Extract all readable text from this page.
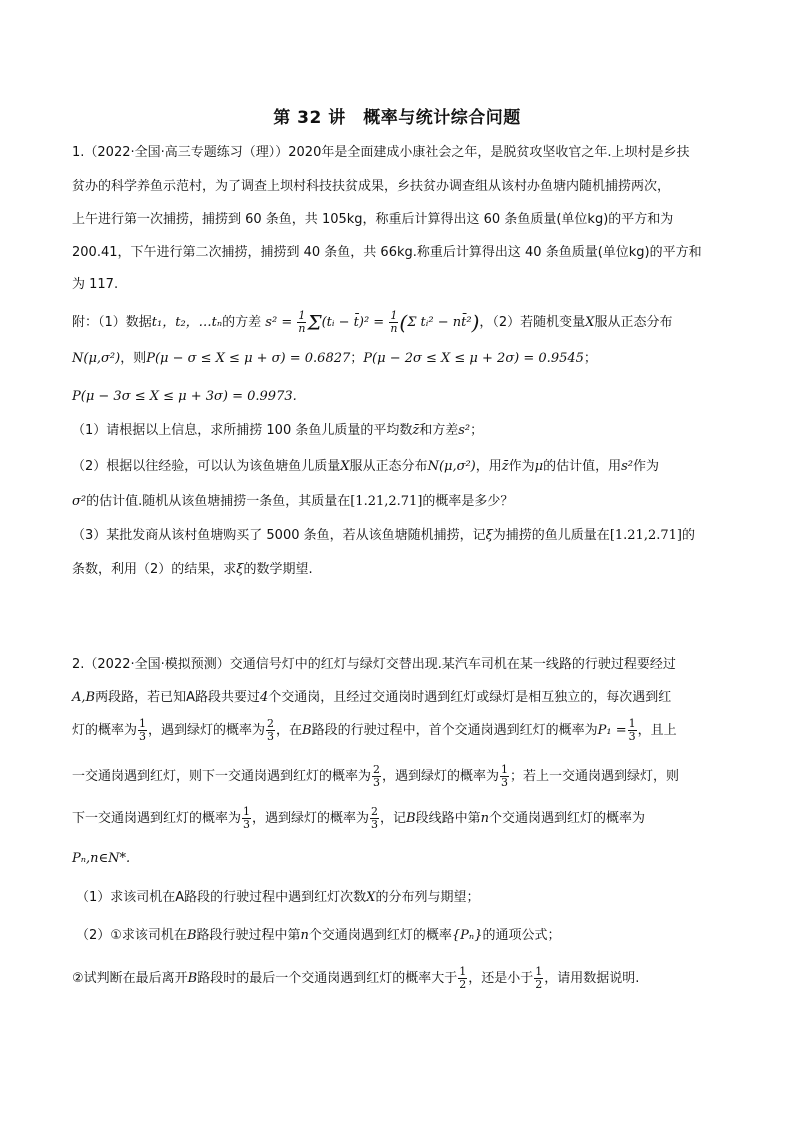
第 32 讲　概率与统计综合问题
1.（2022·全国·高三专题练习（理））2020年是全面建成小康社会之年，是脱贫攻坚收官之年.上坝村是乡扶
贫办的科学养鱼示范村，为了调查上坝村科技扶贫成果，乡扶贫办调查组从该村办鱼塘内随机捕捞两次，
上午进行第一次捕捞，捕捞到 60 条鱼，共 105kg，称重后计算得出这 60 条鱼质量(单位kg)的平方和为
200.41，下午进行第二次捕捞，捕捞到 40 条鱼，共 66kg.称重后计算得出这 40 条鱼质量(单位kg)的平方和
为 117.
附：（1）数据t₁，t₂，…tₙ的方差 $s^2 = \frac{1}{n}$ Σ(tᵢ − t̄)² = $\frac{1}{n} (\Sigma$ tᵢ² − nt̄²)，（2）若随机变量X服从正态分布
N(μ,σ²)，则P(μ − σ ≤ X ≤ μ + σ) = 0.6827；P(μ − 2σ ≤ X ≤ μ + 2σ) = 0.9545；
P(μ − 3σ ≤ X ≤ μ + 3σ) = 0.9973.
（1）请根据以上信息，求所捕捞 100 条鱼儿质量的平均数z̄和方差s²；
（2）根据以往经验，可以认为该鱼塘鱼儿质量X服从正态分布N(μ,σ²)，用z̄作为μ的估计值，用s²作为
σ²的估计值.随机从该鱼塘捕捞一条鱼，其质量在[1.21,2.71]的概率是多少？
（3）某批发商从该村鱼塘购买了 5000 条鱼，若从该鱼塘随机捕捞，记ξ为捕捞的鱼儿质量在[1.21,2.71]的
条数，利用（2）的结果，求ξ的数学期望.
2.（2022·全国·模拟预测）交通信号灯中的红灯与绿灯交替出现.某汽车司机在某一线路的行驶过程要经过
A,B两段路，若已知A路段共要过4个交通岗，且经过交通岗时遇到红灯或绿灯是相互独立的，每次遇到红
灯的概率为 $\frac{1}{3}$ ，遇到绿灯的概率为 $\frac{2}{3}$ ，在B路段的行驶过程中，首个交通岗遇到红灯的概率为$P_1 = \frac{1}{3}$ ，且上
一交通岗遇到红灯，则下一交通岗遇到红灯的概率为 $\frac{2}{3}$ ，遇到绿灯的概率为 $\frac{1}{3}$ ；若上一交通岗遇到绿灯，则
下一交通岗遇到红灯的概率为 $\frac{1}{3}$ ，遇到绿灯的概率为 $\frac{2}{3}$ ，记B段线路中第n个交通岗遇到红灯的概率为
Pₙ,n∈N*.
（1）求该司机在A路段的行驶过程中遇到红灯次数X的分布列与期望；
（2）①求该司机在B路段行驶过程中第n个交通岗遇到红灯的概率{Pₙ}的通项公式；
②试判断在最后离开B路段时的最后一个交通岗遇到红灯的概率大于 $\frac{1}{2}$ ，还是小于 $\frac{1}{2}$ ，请用数据说明.
